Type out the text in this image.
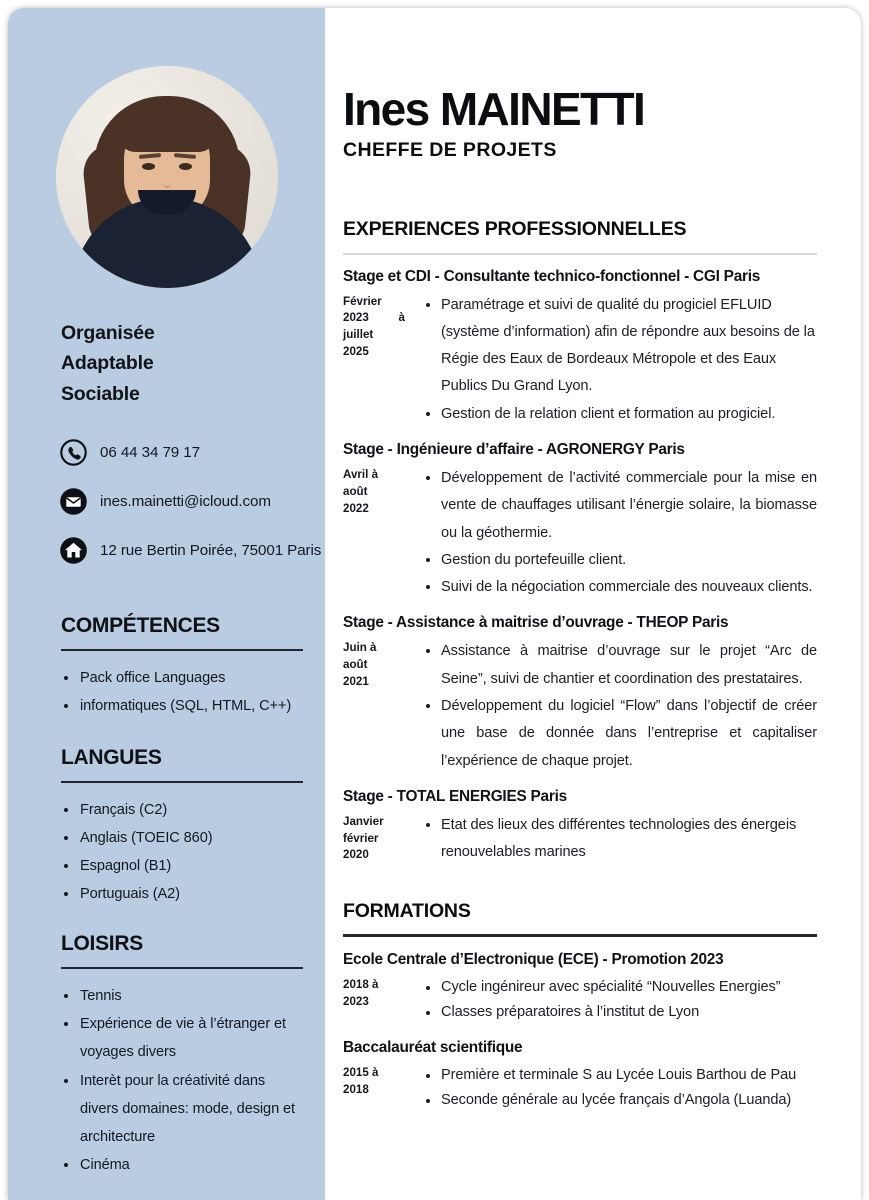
Organisée
Adaptable
Sociable
06 44 34 79 17
ines.mainetti@icloud.com
12 rue Bertin Poirée, 75001 Paris
COMPÉTENCES
Pack office Languages
informatiques (SQL, HTML, C++)
LANGUES
Français (C2)
Anglais (TOEIC 860)
Espagnol (B1)
Portuguais (A2)
LOISIRS
Tennis
Expérience de vie à l’étranger et voyages divers
Interèt pour la créativité dans divers domaines: mode, design et architecture
Cinéma
Ines MAINETTI
CHEFFE DE PROJETS
EXPERIENCES PROFESSIONNELLES
Stage et CDI - Consultante technico-fonctionnel - CGI Paris
Février
2023 à
juillet
2025
Paramétrage et suivi de qualité du progiciel EFLUID (système d’information) afin de répondre aux besoins de la Régie des Eaux de Bordeaux Métropole et des Eaux Publics Du Grand Lyon.
Gestion de la relation client et formation au progiciel.
Stage - Ingénieure d’affaire - AGRONERGY Paris
Avril à
août
2022
Développement de l’activité commerciale pour la mise en vente de chauffages utilisant l’énergie solaire, la biomasse ou la géothermie.
Gestion du portefeuille client.
Suivi de la négociation commerciale des nouveaux clients.
Stage - Assistance à maitrise d’ouvrage - THEOP Paris
Juin à
août
2021
Assistance à maitrise d’ouvrage sur le projet “Arc de Seine”, suivi de chantier et coordination des prestataires.
Développement du logiciel “Flow” dans l’objectif de créer une base de donnée dans l’entreprise et capitaliser l’expérience de chaque projet.
Stage - TOTAL ENERGIES Paris
Janvier
février
2020
Etat des lieux des différentes technologies des énergeis renouvelables marines
FORMATIONS
Ecole Centrale d’Electronique (ECE) - Promotion 2023
2018 à
2023
Cycle ingénireur avec spécialité “Nouvelles Energies”
Classes préparatoires à l’institut de Lyon
Baccalauréat scientifique
2015 à
2018
Première et terminale S au Lycée Louis Barthou de Pau
Seconde générale au lycée français d’Angola (Luanda)
